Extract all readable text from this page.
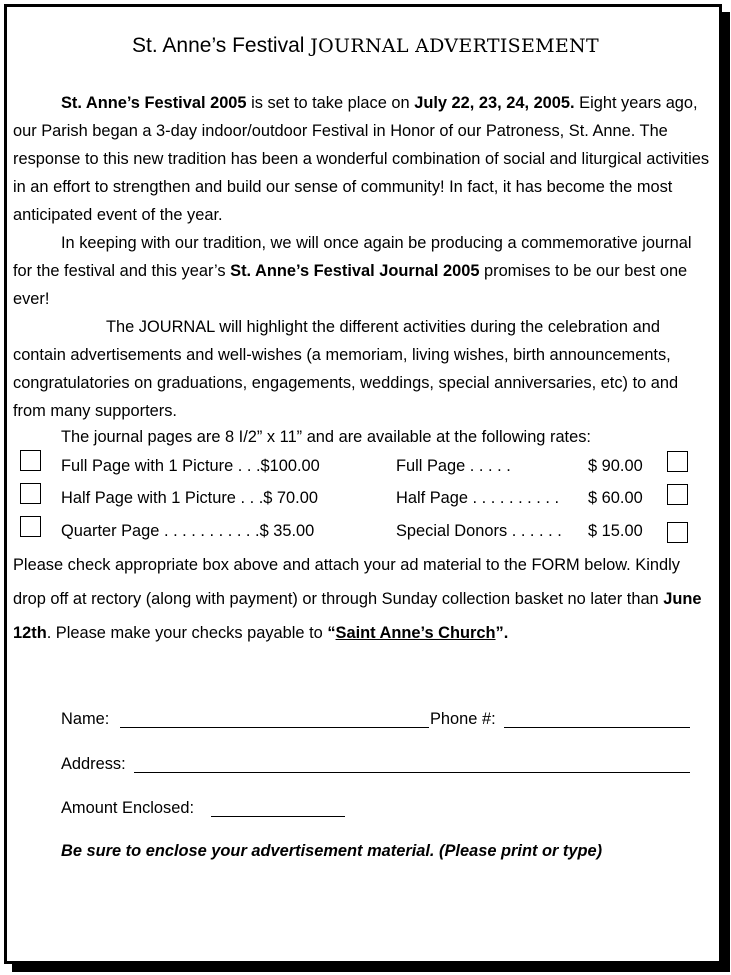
St. Anne’s Festival JOURNAL ADVERTISEMENT

St. Anne’s Festival 2005 is set to take place on July 22, 23, 24, 2005. Eight years ago, our Parish began a 3-day indoor/outdoor Festival in Honor of our Patroness, St. Anne. The response to this new tradition has been a wonderful combination of social and liturgical activities in an effort to strengthen and build our sense of community! In fact, it has become the most anticipated event of the year.

In keeping with our tradition, we will once again be producing a commemorative journal for the festival and this year’s St. Anne’s Festival Journal 2005 promises to be our best one ever!

The JOURNAL will highlight the different activities during the celebration and contain advertisements and well-wishes (a memoriam, living wishes, birth announcements, congratulatories on graduations, engagements, weddings, special anniversaries, etc) to and from many supporters.

The journal pages are 8 I/2” x 11” and are available at the following rates:
Full Page with 1 Picture . . .$100.00	Full Page . . . . .	$ 90.00
Half Page with 1 Picture . . .$ 70.00	Half Page . . . . . . . . . . $ 60.00
Quarter Page . . . . . . . . . . .$ 35.00	Special Donors . . . . . . $ 15.00

Please check appropriate box above and attach your ad material to the FORM below. Kindly drop off at rectory (along with payment) or through Sunday collection basket no later than June 12th. Please make your checks payable to “Saint Anne’s Church”.

Name:	Phone #:
Address:
Amount Enclosed:
Be sure to enclose your advertisement material. (Please print or type)
